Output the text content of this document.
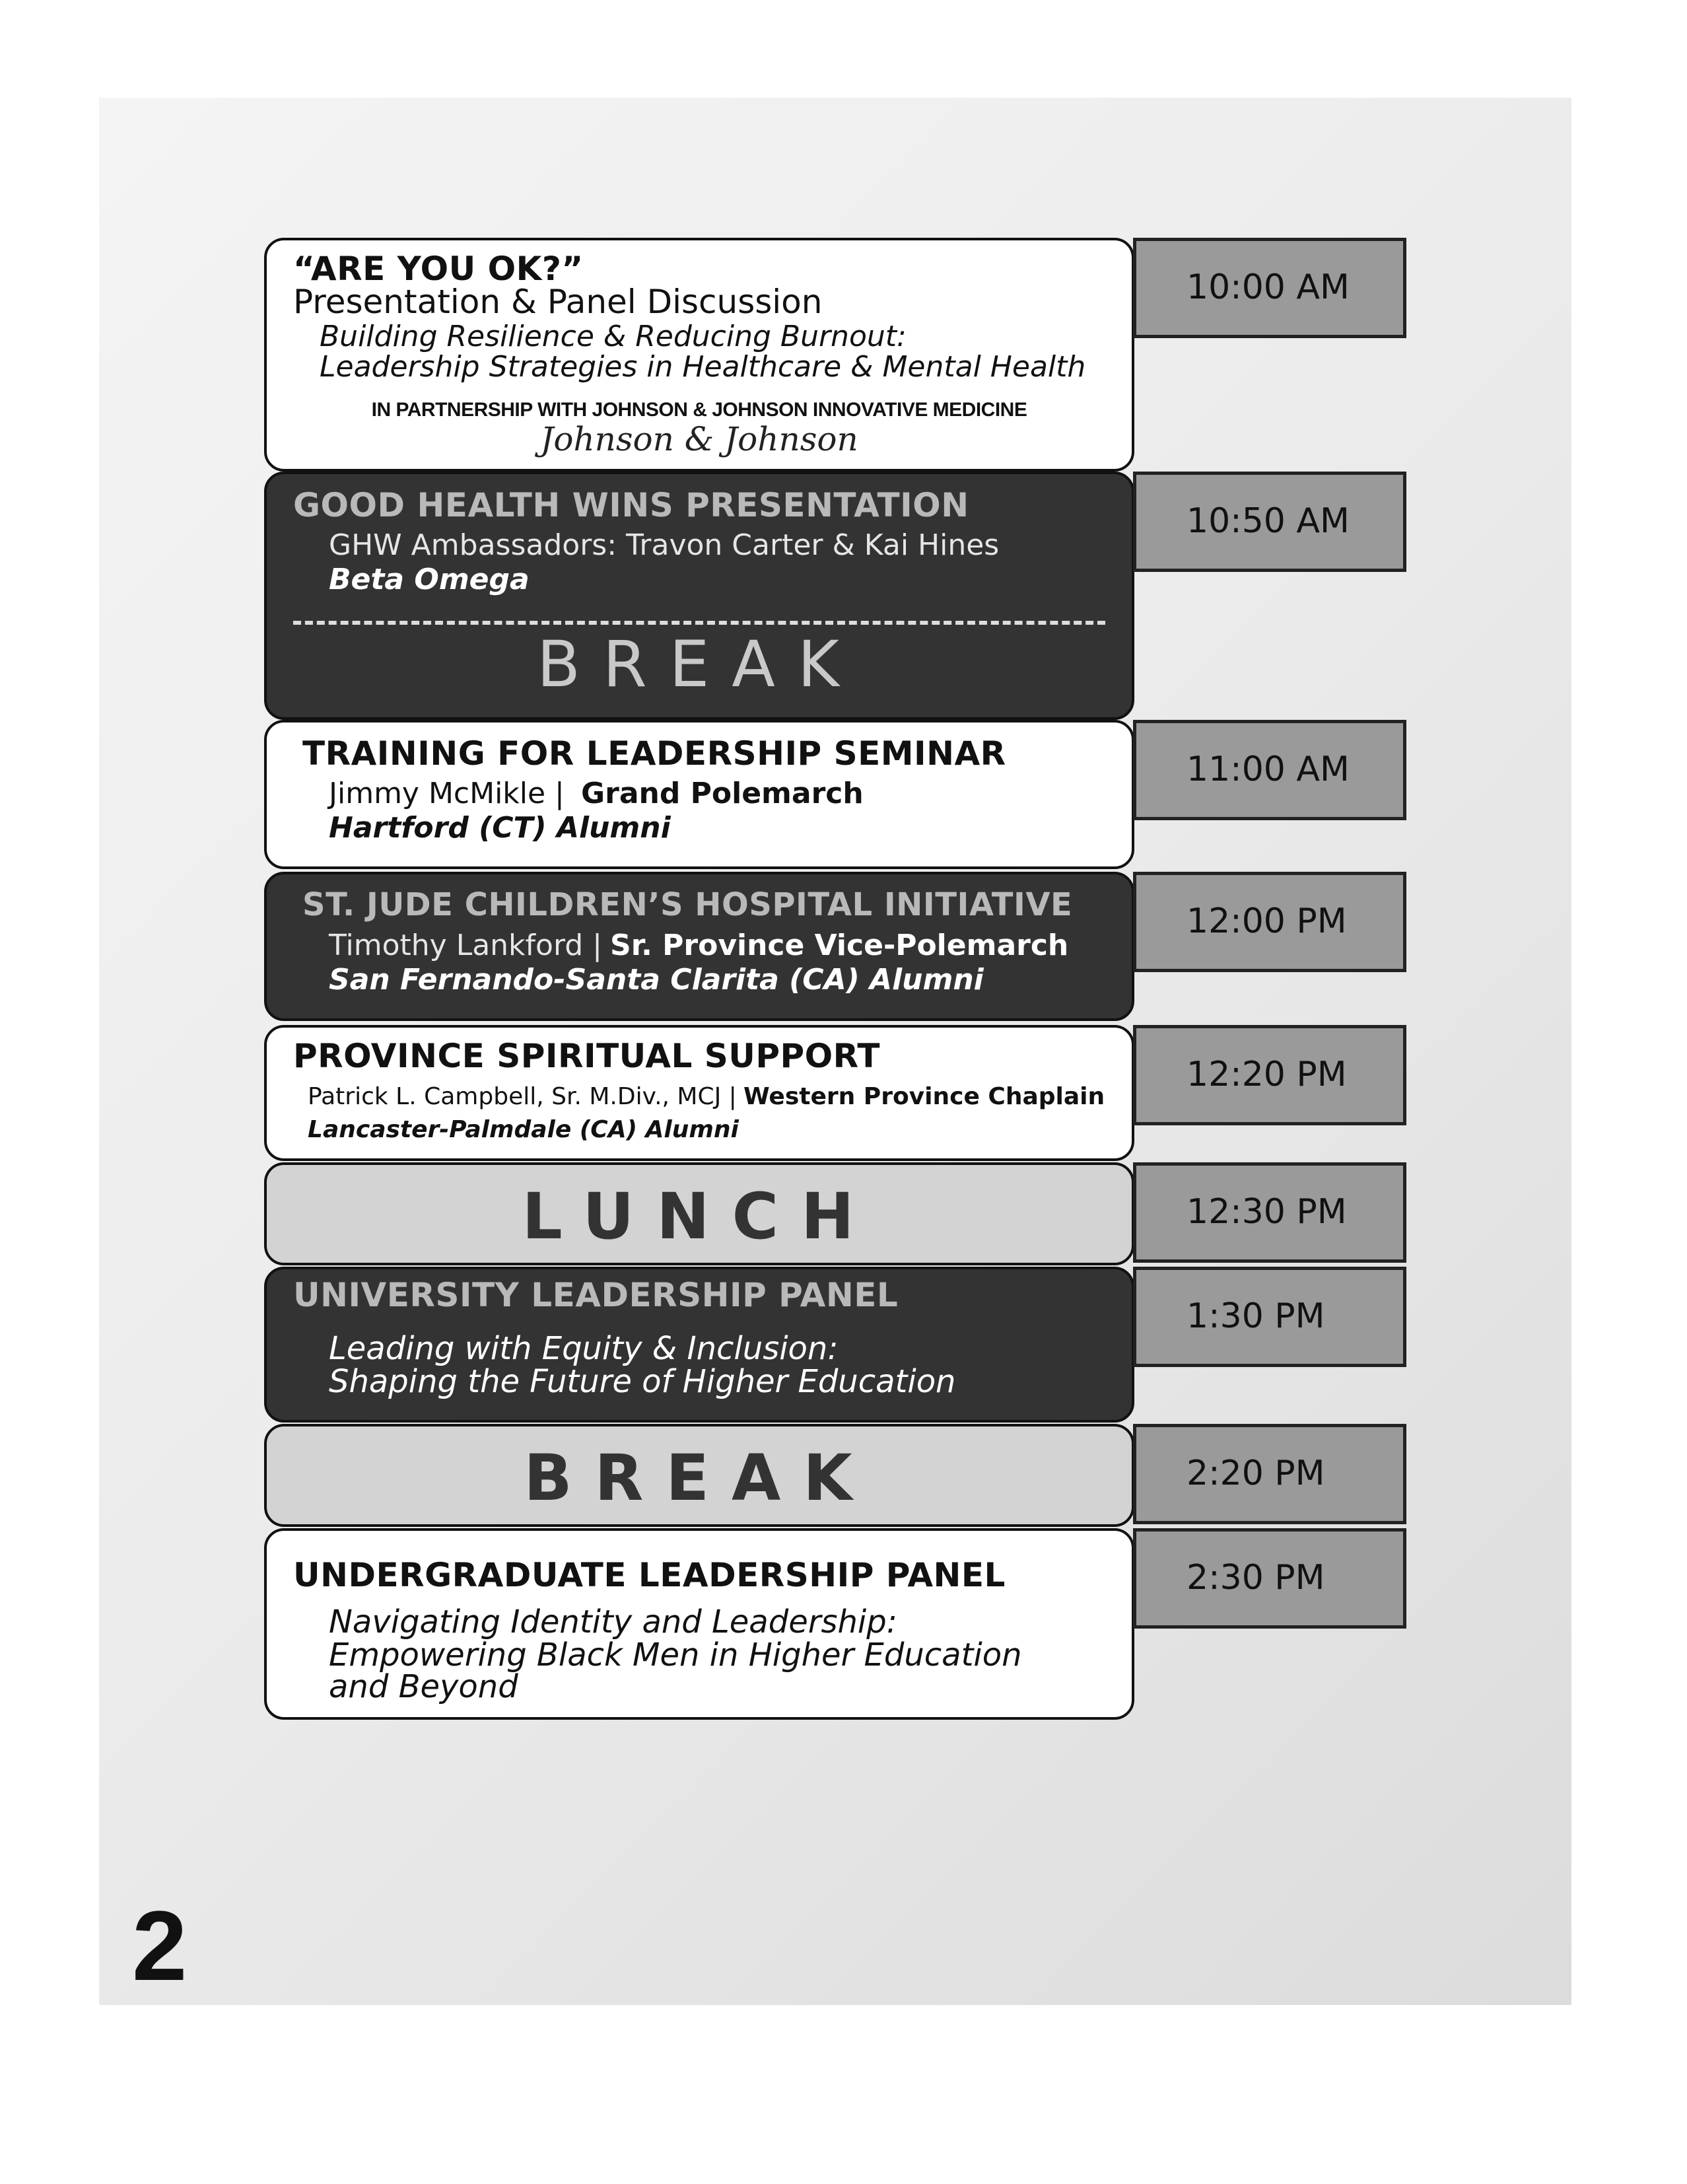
“ARE YOU OK?”
Presentation & Panel Discussion
Building Resilience & Reducing Burnout:
Leadership Strategies in Healthcare & Mental Health
IN PARTNERSHIP WITH JOHNSON & JOHNSON INNOVATIVE MEDICINE
Johnson & Johnson
10:00 AM
GOOD HEALTH WINS PRESENTATION
GHW Ambassadors: Travon Carter & Kai Hines
Beta Omega
BREAK
10:50 AM
TRAINING FOR LEADERSHIP SEMINAR
Jimmy McMikle | Grand Polemarch
Hartford (CT) Alumni
11:00 AM
ST. JUDE CHILDREN’S HOSPITAL INITIATIVE
Timothy Lankford | Sr. Province Vice-Polemarch
San Fernando-Santa Clarita (CA) Alumni
12:00 PM
PROVINCE SPIRITUAL SUPPORT
Patrick L. Campbell, Sr. M.Div., MCJ | Western Province Chaplain
Lancaster-Palmdale (CA) Alumni
12:20 PM
LUNCH	12:30 PM
UNIVERSITY LEADERSHIP PANEL
Leading with Equity & Inclusion:
Shaping the Future of Higher Education
1:30 PM
BREAK	2:20 PM
UNDERGRADUATE LEADERSHIP PANEL
Navigating Identity and Leadership:
Empowering Black Men in Higher Education
and Beyond
2:30 PM
2
